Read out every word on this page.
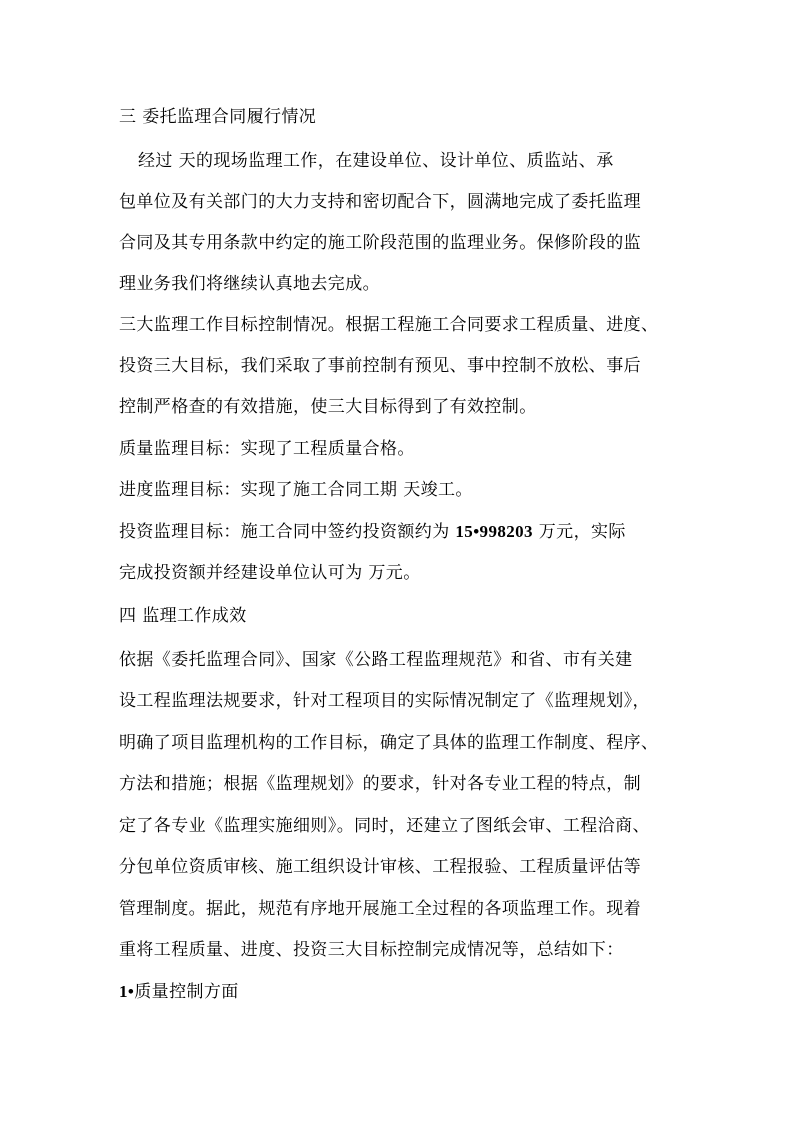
三 委托监理合同履行情况
经过 天的现场监理工作，在建设单位、设计单位、质监站、承
包单位及有关部门的大力支持和密切配合下，圆满地完成了委托监理
合同及其专用条款中约定的施工阶段范围的监理业务。保修阶段的监
理业务我们将继续认真地去完成。
三大监理工作目标控制情况。根据工程施工合同要求工程质量、进度、
投资三大目标，我们采取了事前控制有预见、事中控制不放松、事后
控制严格查的有效措施，使三大目标得到了有效控制。
质量监理目标：实现了工程质量合格。
进度监理目标：实现了施工合同工期 天竣工。
投资监理目标：施工合同中签约投资额约为 15•998203 万元，实际
完成投资额并经建设单位认可为 万元。
四 监理工作成效
依据《委托监理合同》、国家《公路工程监理规范》和省、市有关建
设工程监理法规要求，针对工程项目的实际情况制定了《监理规划》，
明确了项目监理机构的工作目标，确定了具体的监理工作制度、程序、
方法和措施；根据《监理规划》的要求，针对各专业工程的特点，制
定了各专业《监理实施细则》。同时，还建立了图纸会审、工程洽商、
分包单位资质审核、施工组织设计审核、工程报验、工程质量评估等
管理制度。据此，规范有序地开展施工全过程的各项监理工作。现着
重将工程质量、进度、投资三大目标控制完成情况等，总结如下：
1•质量控制方面
